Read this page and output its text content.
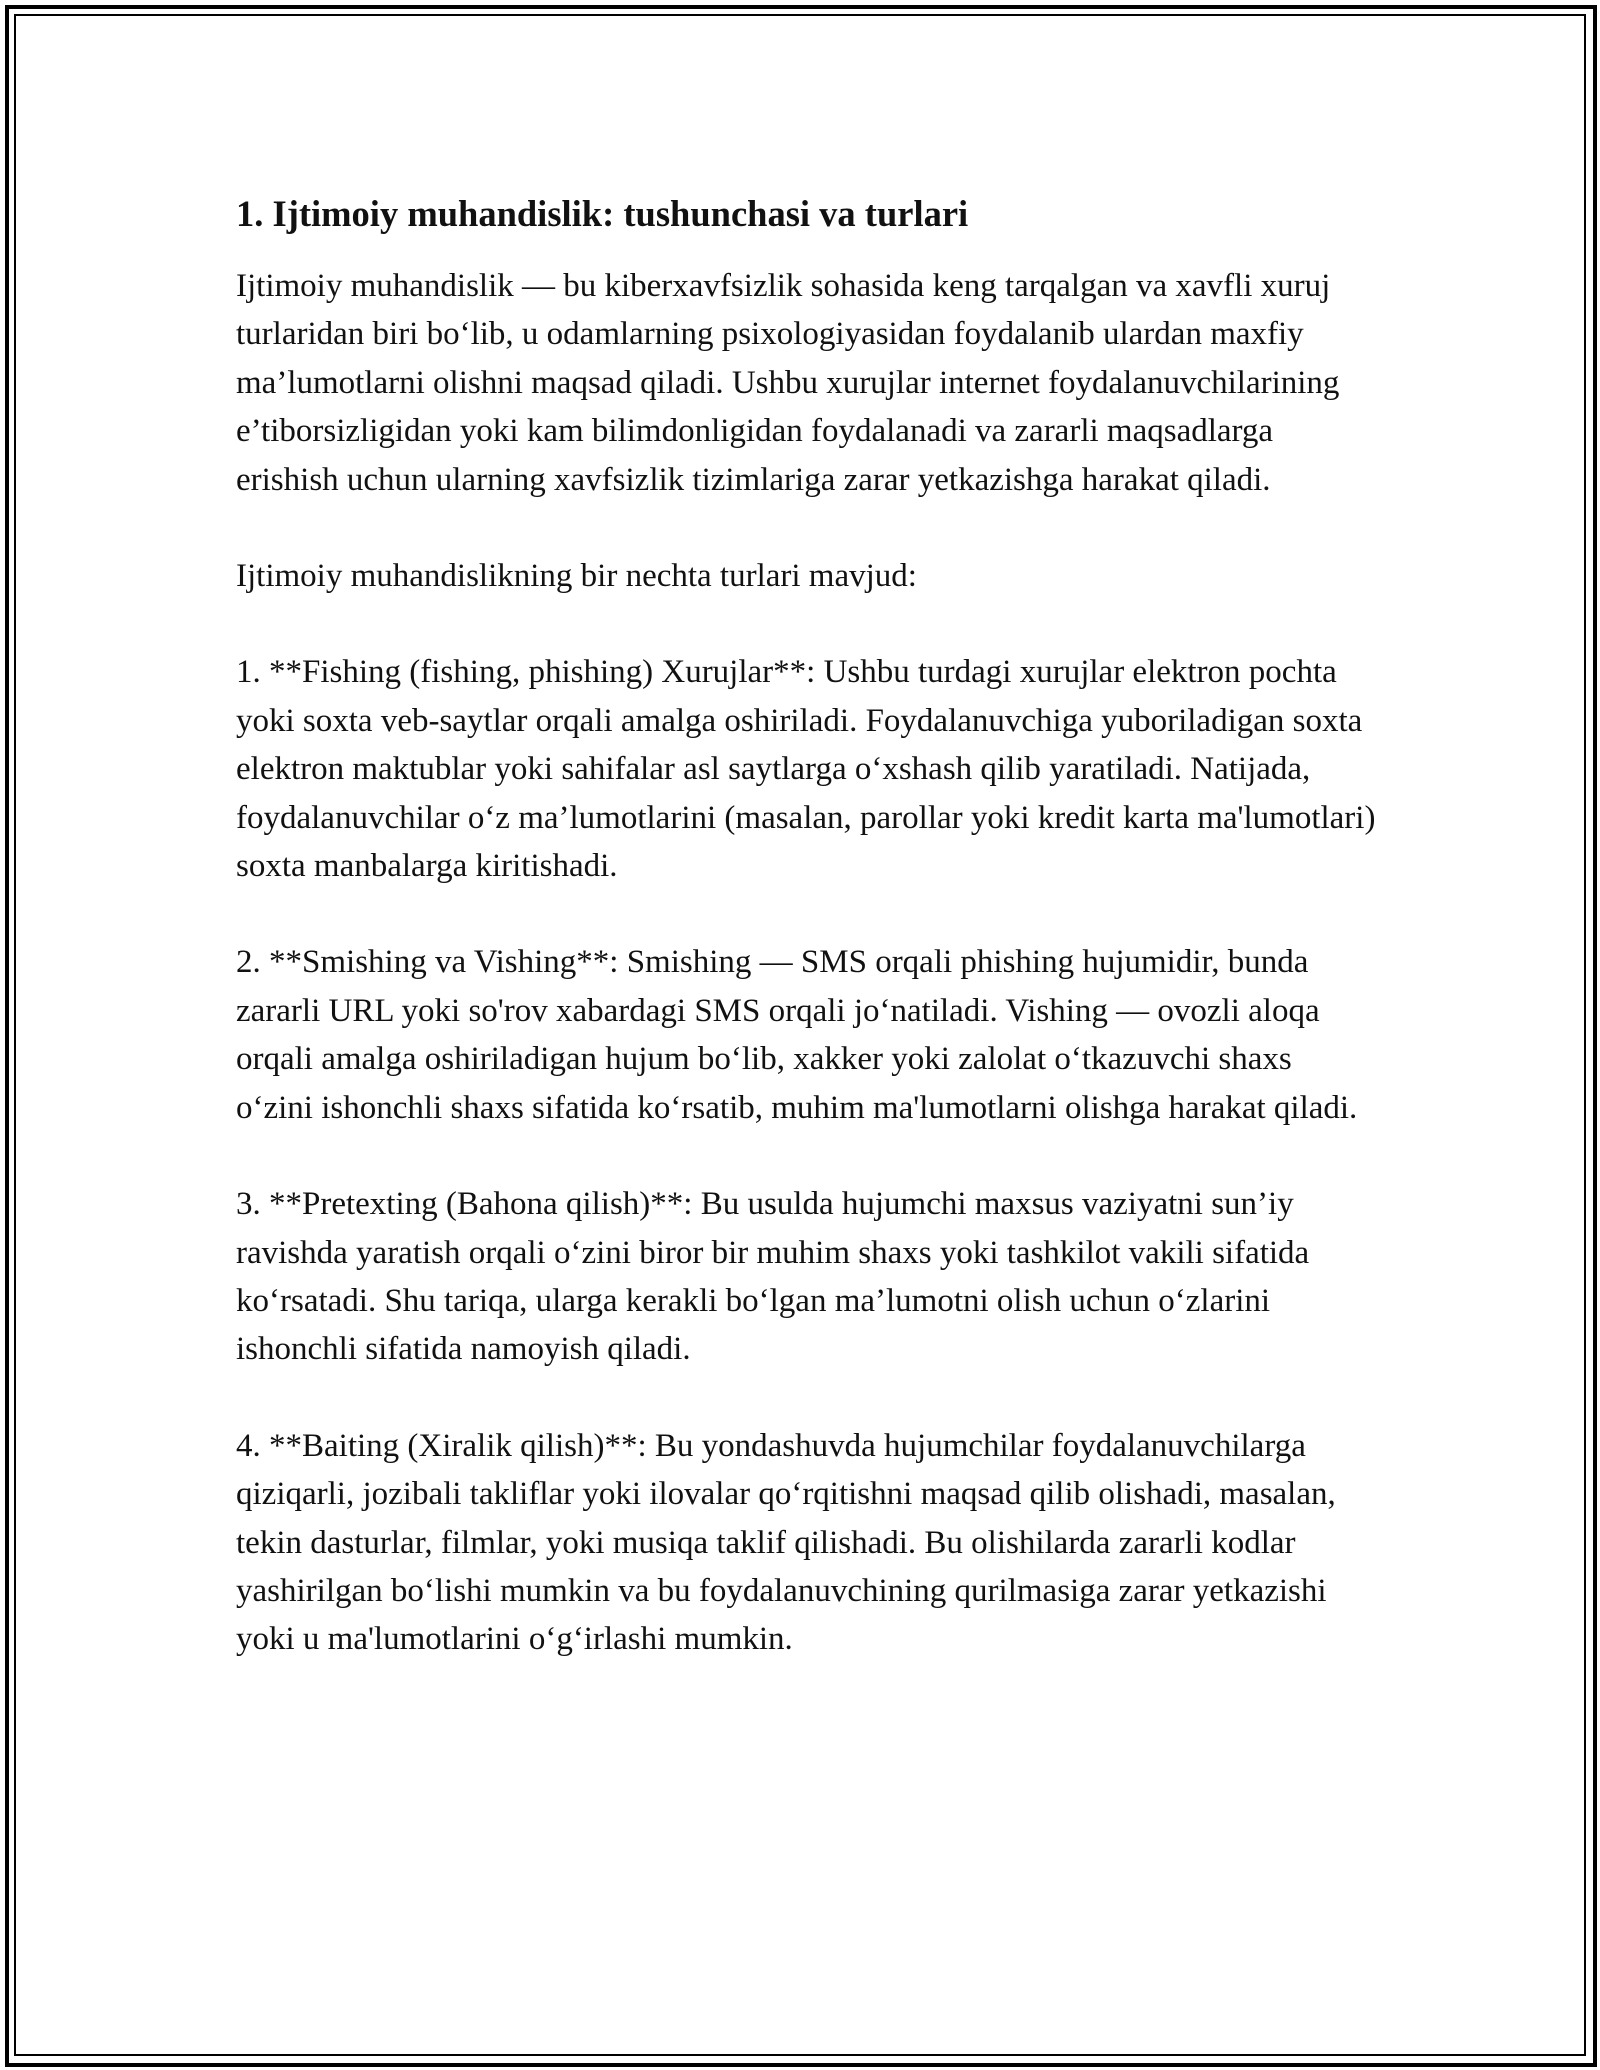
1. Ijtimoiy muhandislik: tushunchasi va turlari

Ijtimoiy muhandislik — bu kiberxavfsizlik sohasida keng tarqalgan va xavfli xuruj turlaridan biri bo‘lib, u odamlarning psixologiyasidan foydalanib ulardan maxfiy ma’lumotlarni olishni maqsad qiladi. Ushbu xurujlar internet foydalanuvchilarining e’tiborsizligidan yoki kam bilimdonligidan foydalanadi va zararli maqsadlarga erishish uchun ularning xavfsizlik tizimlariga zarar yetkazishga harakat qiladi.

Ijtimoiy muhandislikning bir nechta turlari mavjud:

1. **Fishing (fishing, phishing) Xurujlar**: Ushbu turdagi xurujlar elektron pochta yoki soxta veb-saytlar orqali amalga oshiriladi. Foydalanuvchiga yuboriladigan soxta elektron maktublar yoki sahifalar asl saytlarga o‘xshash qilib yaratiladi. Natijada, foydalanuvchilar o‘z ma’lumotlarini (masalan, parollar yoki kredit karta ma'lumotlari) soxta manbalarga kiritishadi.

2. **Smishing va Vishing**: Smishing — SMS orqali phishing hujumidir, bunda zararli URL yoki so'rov xabardagi SMS orqali jo‘natiladi. Vishing — ovozli aloqa orqali amalga oshiriladigan hujum bo‘lib, xakker yoki zalolat o‘tkazuvchi shaxs o‘zini ishonchli shaxs sifatida ko‘rsatib, muhim ma'lumotlarni olishga harakat qiladi.

3. **Pretexting (Bahona qilish)**: Bu usulda hujumchi maxsus vaziyatni sun’iy ravishda yaratish orqali o‘zini biror bir muhim shaxs yoki tashkilot vakili sifatida ko‘rsatadi. Shu tariqa, ularga kerakli bo‘lgan ma’lumotni olish uchun o‘zlarini ishonchli sifatida namoyish qiladi.

4. **Baiting (Xiralik qilish)**: Bu yondashuvda hujumchilar foydalanuvchilarga qiziqarli, jozibali takliflar yoki ilovalar qo‘rqitishni maqsad qilib olishadi, masalan, tekin dasturlar, filmlar, yoki musiqa taklif qilishadi. Bu olishilarda zararli kodlar yashirilgan bo‘lishi mumkin va bu foydalanuvchining qurilmasiga zarar yetkazishi yoki u ma'lumotlarini o‘g‘irlashi mumkin.
